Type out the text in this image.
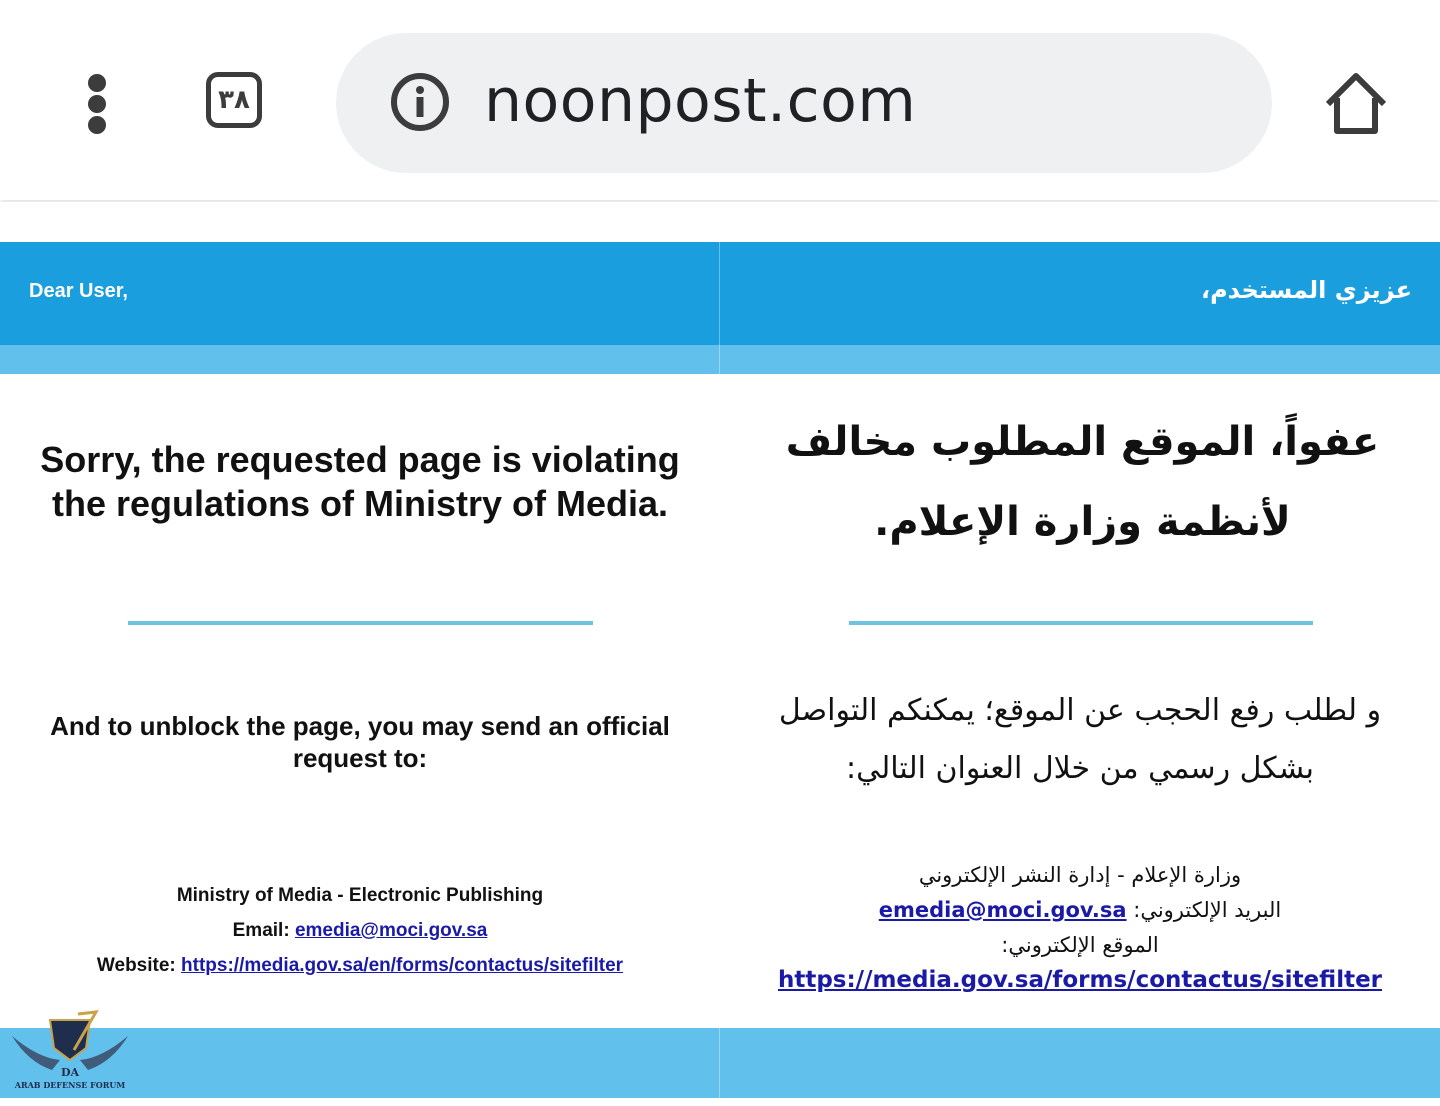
٣٨	noonpost.com
Dear User,	عزيزي المستخدم،
Sorry, the requested page is violating the regulations of Ministry of Media.
And to unblock the page, you may send an official request to:
Ministry of Media - Electronic Publishing
Email: emedia@moci.gov.sa
Website: https://media.gov.sa/en/forms/contactus/sitefilter
عفواً، الموقع المطلوب مخالف لأنظمة وزارة الإعلام.
و لطلب رفع الحجب عن الموقع؛ يمكنكم التواصل بشكل رسمي من خلال العنوان التالي:
وزارة الإعلام - إدارة النشر الإلكتروني
البريد الإلكتروني: emedia@moci.gov.sa
الموقع الإلكتروني:
https://media.gov.sa/forms/contactus/sitefilter
DA
ARAB DEFENSE FORUM
